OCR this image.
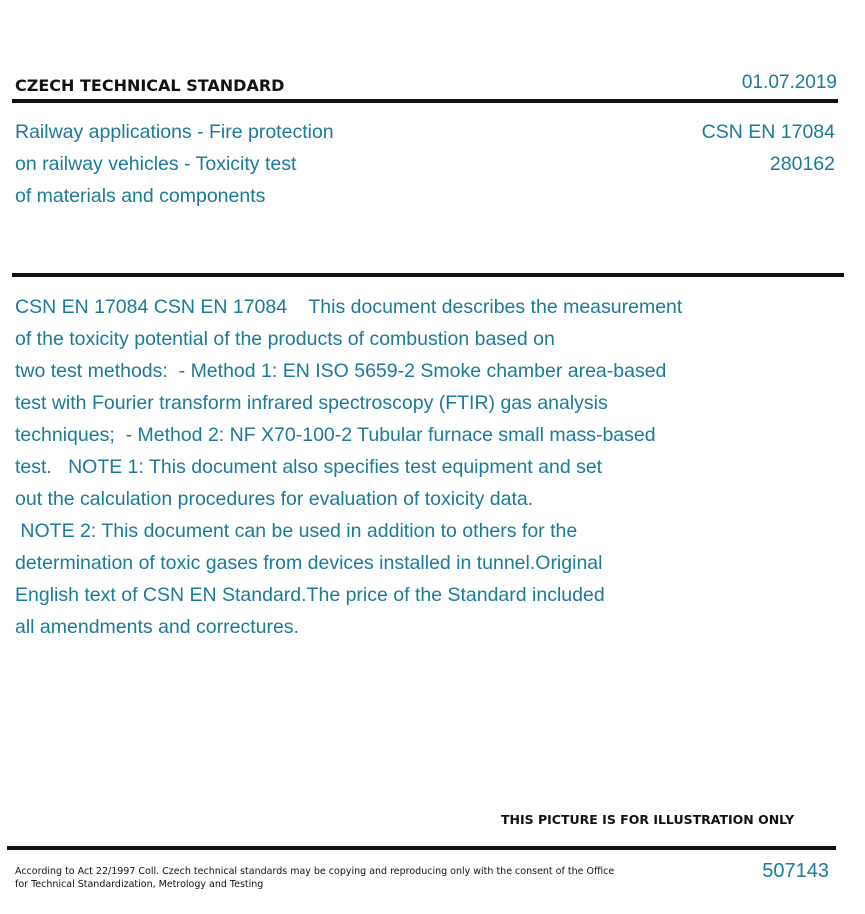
CZECH TECHNICAL STANDARD	01.07.2019
Railway applications - Fire protection
on railway vehicles - Toxicity test
of materials and components
CSN EN 17084
280162
CSN EN 17084 CSN EN 17084    This document describes the measurement
of the toxicity potential of the products of combustion based on
two test methods:  - Method 1: EN ISO 5659-2 Smoke chamber area-based
test with Fourier transform infrared spectroscopy (FTIR) gas analysis
techniques;  - Method 2: NF X70-100-2 Tubular furnace small mass-based
test.   NOTE 1: This document also specifies test equipment and set
out the calculation procedures for evaluation of toxicity data.
NOTE 2: This document can be used in addition to others for the
determination of toxic gases from devices installed in tunnel.Original
English text of CSN EN Standard.The price of the Standard included
all amendments and correctures.
THIS PICTURE IS FOR ILLUSTRATION ONLY
According to Act 22/1997 Coll. Czech technical standards may be copying and reproducing only with the consent of the Office
for Technical Standardization, Metrology and Testing
507143
